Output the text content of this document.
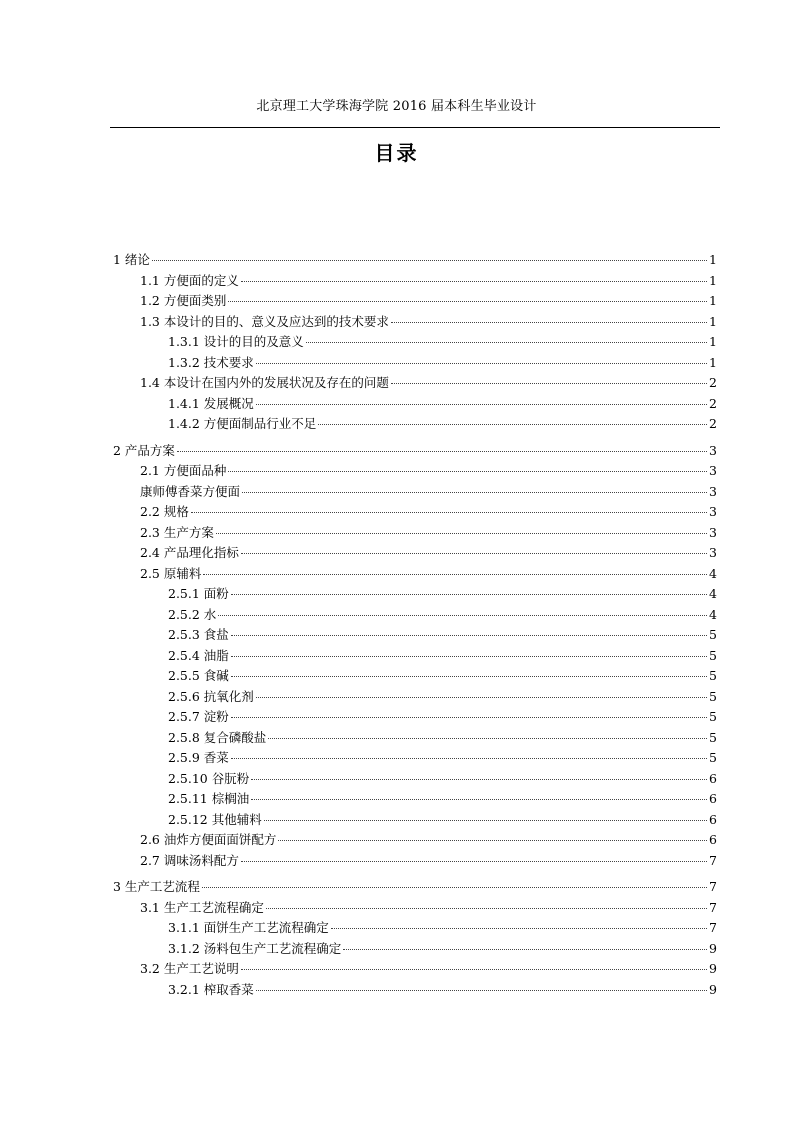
北京理工大学珠海学院 2016 届本科生毕业设计
目录
1 绪论	1
1.1 方便面的定义	1
1.2 方便面类别	1
1.3 本设计的目的、意义及应达到的技术要求	1
1.3.1 设计的目的及意义	1
1.3.2 技术要求	1
1.4 本设计在国内外的发展状况及存在的问题	2
1.4.1 发展概况	2
1.4.2 方便面制品行业不足	2
2 产品方案	3
2.1 方便面品种	3
康师傅香菜方便面	3
2.2 规格	3
2.3 生产方案	3
2.4 产品理化指标	3
2.5 原辅料	4
2.5.1 面粉	4
2.5.2 水	4
2.5.3 食盐	5
2.5.4 油脂	5
2.5.5 食碱	5
2.5.6 抗氧化剂	5
2.5.7 淀粉	5
2.5.8 复合磷酸盐	5
2.5.9 香菜	5
2.5.10 谷朊粉	6
2.5.11 棕榈油	6
2.5.12 其他辅料	6
2.6 油炸方便面面饼配方	6
2.7 调味汤料配方	7
3 生产工艺流程	7
3.1 生产工艺流程确定	7
3.1.1 面饼生产工艺流程确定	7
3.1.2 汤料包生产工艺流程确定	9
3.2 生产工艺说明	9
3.2.1 榨取香菜	9
